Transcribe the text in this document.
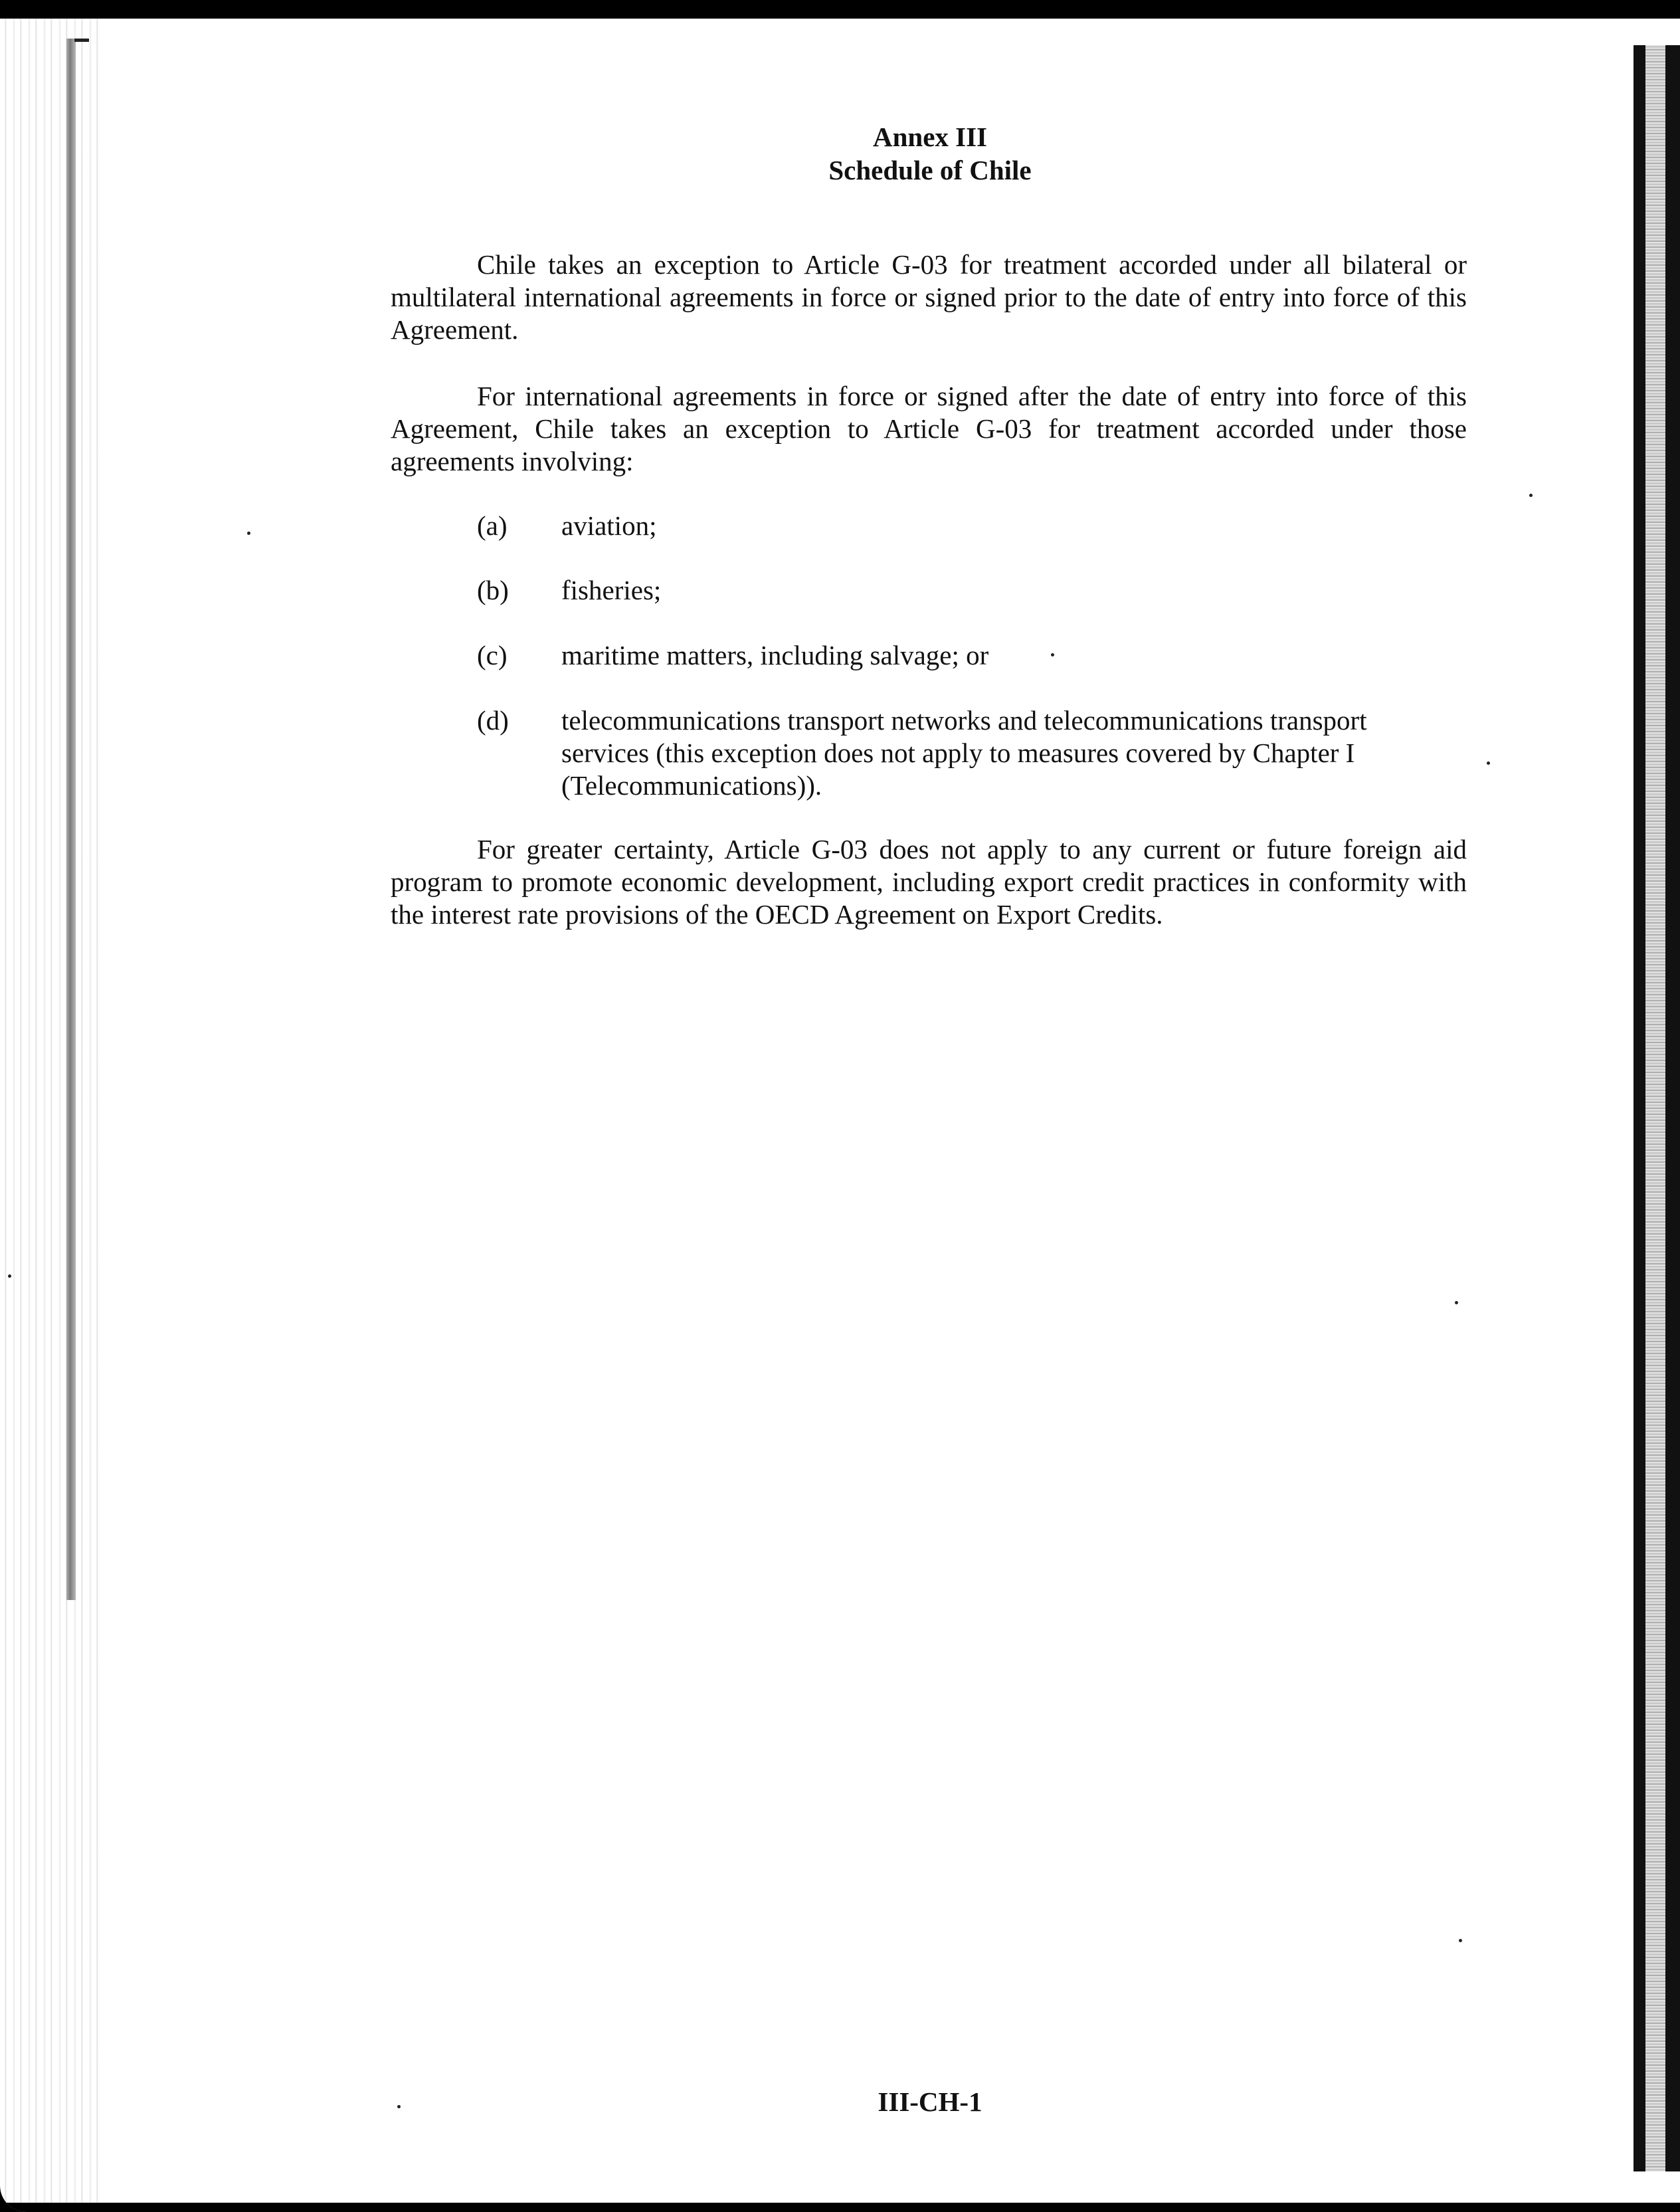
Annex III
Schedule of Chile

Chile takes an exception to Article G-03 for treatment accorded under all bilateral or multilateral international agreements in force or signed prior to the date of entry into force of this Agreement.

For international agreements in force or signed after the date of entry into force of this Agreement, Chile takes an exception to Article G-03 for treatment accorded under those agreements involving:

(a)	aviation;
(b)	fisheries;
(c)	maritime matters, including salvage; or
(d)	telecommunications transport networks and telecommunications transport services (this exception does not apply to measures covered by Chapter I (Telecommunications)).

For greater certainty, Article G-03 does not apply to any current or future foreign aid program to promote economic development, including export credit practices in conformity with the interest rate provisions of the OECD Agreement on Export Credits.

III-CH-1
